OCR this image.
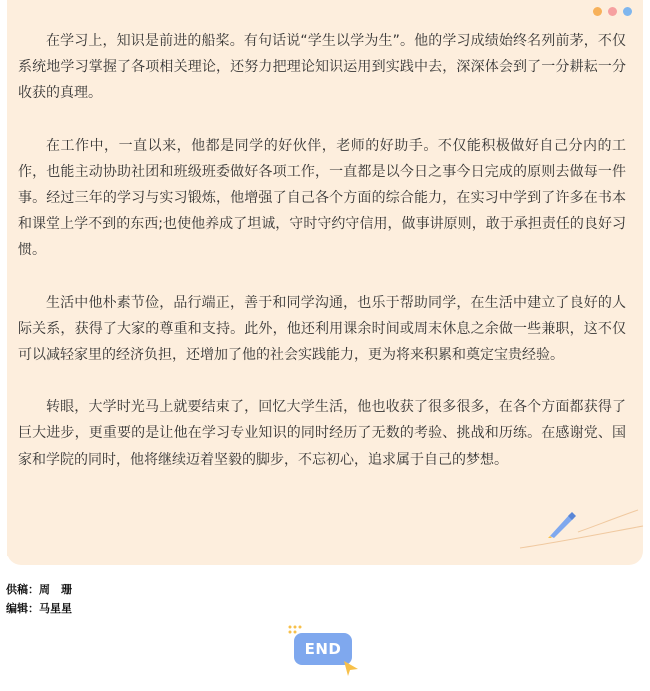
在学习上，知识是前进的船桨。有句话说“学生以学为生”。他的学习成绩始终名列前茅，不仅系统地学习掌握了各项相关理论，还努力把理论知识运用到实践中去，深深体会到了一分耕耘一分收获的真理。

在工作中，一直以来，他都是同学的好伙伴，老师的好助手。不仅能积极做好自己分内的工作，也能主动协助社团和班级班委做好各项工作，一直都是以今日之事今日完成的原则去做每一件事。经过三年的学习与实习锻炼，他增强了自己各个方面的综合能力，在实习中学到了许多在书本和课堂上学不到的东西;也使他养成了坦诚，守时守约守信用，做事讲原则，敢于承担责任的良好习惯。

生活中他朴素节俭，品行端正，善于和同学沟通，也乐于帮助同学，在生活中建立了良好的人际关系，获得了大家的尊重和支持。此外，他还利用课余时间或周末休息之余做一些兼职，这不仅可以减轻家里的经济负担，还增加了他的社会实践能力，更为将来积累和奠定宝贵经验。

转眼，大学时光马上就要结束了，回忆大学生活，他也收获了很多很多，在各个方面都获得了巨大进步，更重要的是让他在学习专业知识的同时经历了无数的考验、挑战和历练。在感谢党、国家和学院的同时，他将继续迈着坚毅的脚步，不忘初心，追求属于自己的梦想。

供稿：周　珊
编辑：马星星
END
